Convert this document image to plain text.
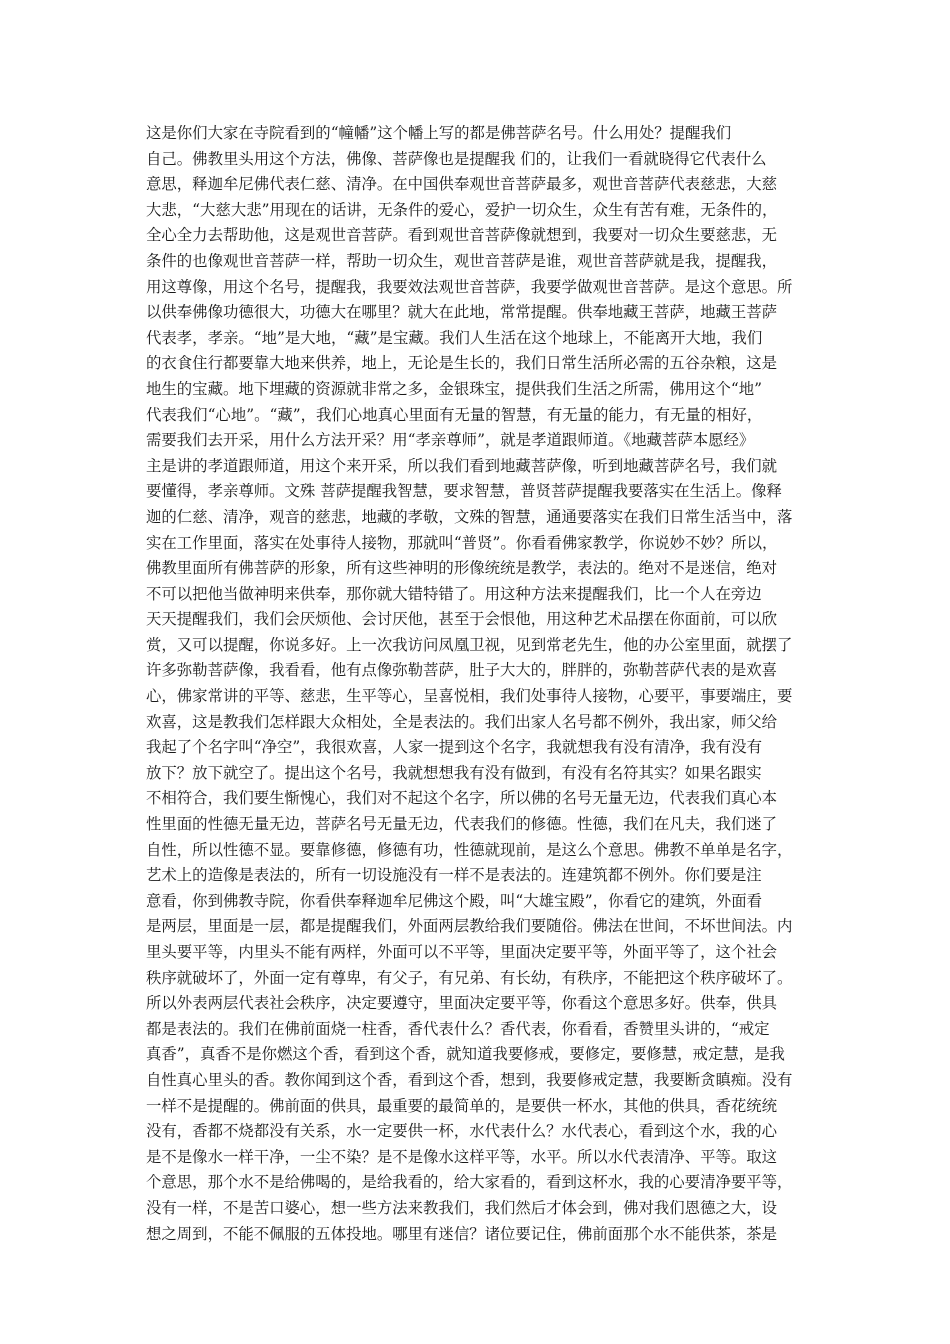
这是你们大家在寺院看到的“幢幡”这个幡上写的都是佛菩萨名号。什么用处？提醒我们
自己。佛教里头用这个方法，佛像、菩萨像也是提醒我 们的，让我们一看就晓得它代表什么
意思，释迦牟尼佛代表仁慈、清净。在中国供奉观世音菩萨最多，观世音菩萨代表慈悲，大慈
大悲，“大慈大悲”用现在的话讲，无条件的爱心，爱护一切众生，众生有苦有难，无条件的，
全心全力去帮助他，这是观世音菩萨。看到观世音菩萨像就想到，我要对一切众生要慈悲，无
条件的也像观世音菩萨一样，帮助一切众生，观世音菩萨是谁，观世音菩萨就是我，提醒我，
用这尊像，用这个名号，提醒我，我要效法观世音菩萨，我要学做观世音菩萨。是这个意思。所
以供奉佛像功德很大，功德大在哪里？就大在此地，常常提醒。供奉地藏王菩萨，地藏王菩萨
代表孝，孝亲。“地”是大地，“藏”是宝藏。我们人生活在这个地球上，不能离开大地，我们
的衣食住行都要靠大地来供养，地上，无论是生长的，我们日常生活所必需的五谷杂粮，这是
地生的宝藏。地下埋藏的资源就非常之多，金银珠宝，提供我们生活之所需，佛用这个“地”
代表我们“心地”。“藏”，我们心地真心里面有无量的智慧，有无量的能力，有无量的相好，
需要我们去开采，用什么方法开采？用“孝亲尊师”，就是孝道跟师道。《地藏菩萨本愿经》
主是讲的孝道跟师道，用这个来开采，所以我们看到地藏菩萨像，听到地藏菩萨名号，我们就
要懂得，孝亲尊师。文殊 菩萨提醒我智慧，要求智慧，普贤菩萨提醒我要落实在生活上。像释
迦的仁慈、清净，观音的慈悲，地藏的孝敬，文殊的智慧，通通要落实在我们日常生活当中，落
实在工作里面，落实在处事待人接物，那就叫“普贤”。你看看佛家教学，你说妙不妙？所以，
佛教里面所有佛菩萨的形象，所有这些神明的形像统统是教学，表法的。绝对不是迷信，绝对
不可以把他当做神明来供奉，那你就大错特错了。用这种方法来提醒我们，比一个人在旁边
天天提醒我们，我们会厌烦他、会讨厌他，甚至于会恨他，用这种艺术品摆在你面前，可以欣
赏，又可以提醒，你说多好。上一次我访问凤凰卫视，见到常老先生，他的办公室里面，就摆了
许多弥勒菩萨像，我看看，他有点像弥勒菩萨，肚子大大的，胖胖的，弥勒菩萨代表的是欢喜
心，佛家常讲的平等、慈悲，生平等心，呈喜悦相，我们处事待人接物，心要平，事要端庄，要
欢喜，这是教我们怎样跟大众相处，全是表法的。我们出家人名号都不例外，我出家，师父给
我起了个名字叫“净空”，我很欢喜，人家一提到这个名字，我就想我有没有清净，我有没有
放下？放下就空了。提出这个名号，我就想想我有没有做到，有没有名符其实？如果名跟实
不相符合，我们要生惭愧心，我们对不起这个名字，所以佛的名号无量无边，代表我们真心本
性里面的性德无量无边，菩萨名号无量无边，代表我们的修德。性德，我们在凡夫，我们迷了
自性，所以性德不显。要靠修德，修德有功，性德就现前，是这么个意思。佛教不单单是名字，
艺术上的造像是表法的，所有一切设施没有一样不是表法的。连建筑都不例外。你们要是注
意看，你到佛教寺院，你看供奉释迦牟尼佛这个殿，叫“大雄宝殿”，你看它的建筑，外面看
是两层，里面是一层，都是提醒我们，外面两层教给我们要随俗。佛法在世间，不坏世间法。内
里头要平等，内里头不能有两样，外面可以不平等，里面决定要平等，外面平等了，这个社会
秩序就破坏了，外面一定有尊卑，有父子，有兄弟、有长幼，有秩序，不能把这个秩序破坏了。
所以外表两层代表社会秩序，决定要遵守，里面决定要平等，你看这个意思多好。供奉，供具
都是表法的。我们在佛前面烧一柱香，香代表什么？香代表，你看看，香赞里头讲的，“戒定
真香”，真香不是你燃这个香，看到这个香，就知道我要修戒，要修定，要修慧，戒定慧，是我
自性真心里头的香。教你闻到这个香，看到这个香，想到，我要修戒定慧，我要断贪瞋痴。没有
一样不是提醒的。佛前面的供具，最重要的最简单的，是要供一杯水，其他的供具，香花统统
没有，香都不烧都没有关系，水一定要供一杯，水代表什么？水代表心，看到这个水，我的心
是不是像水一样干净，一尘不染？是不是像水这样平等，水平。所以水代表清净、平等。取这
个意思，那个水不是给佛喝的，是给我看的，给大家看的，看到这杯水，我的心要清净要平等，
没有一样，不是苦口婆心，想一些方法来教我们，我们然后才体会到，佛对我们恩德之大，设
想之周到，不能不佩服的五体投地。哪里有迷信？诸位要记住，佛前面那个水不能供茶，茶是
